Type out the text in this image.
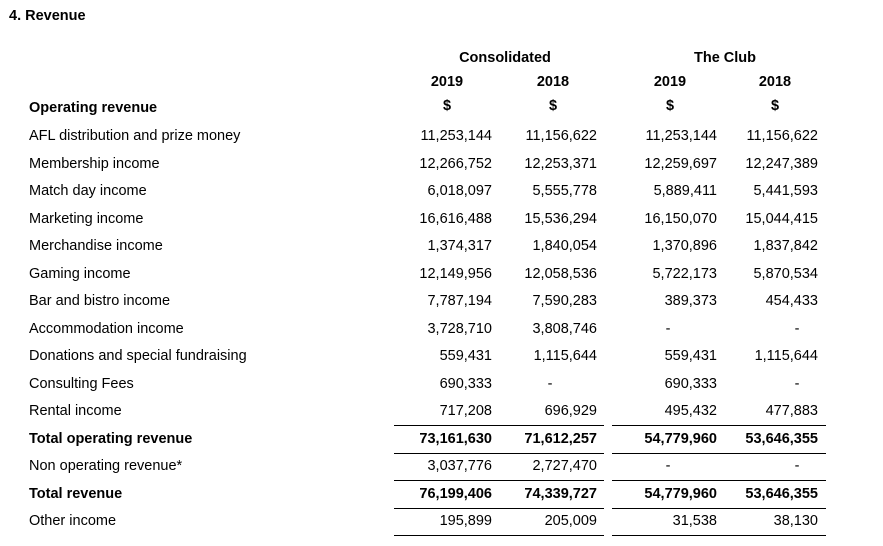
4. Revenue
Consolidated	The Club
2019	2018	2019	2018
$	$	$	$
Operating revenue
AFL distribution and prize money	11,253,144	11,156,622	11,253,144	11,156,622
Membership income	12,266,752	12,253,371	12,259,697	12,247,389
Match day income	6,018,097	5,555,778	5,889,411	5,441,593
Marketing income	16,616,488	15,536,294	16,150,070	15,044,415
Merchandise income	1,374,317	1,840,054	1,370,896	1,837,842
Gaming income	12,149,956	12,058,536	5,722,173	5,870,534
Bar and bistro income	7,787,194	7,590,283	389,373	454,433
Accommodation income	3,728,710	3,808,746	-	-
Donations and special fundraising	559,431	1,115,644	559,431	1,115,644
Consulting Fees	690,333	-	690,333	-
Rental income	717,208	696,929	495,432	477,883
Total operating revenue	73,161,630	71,612,257	54,779,960	53,646,355
Non operating revenue*	3,037,776	2,727,470	-	-
Total revenue	76,199,406	74,339,727	54,779,960	53,646,355
Other income	195,899	205,009	31,538	38,130
